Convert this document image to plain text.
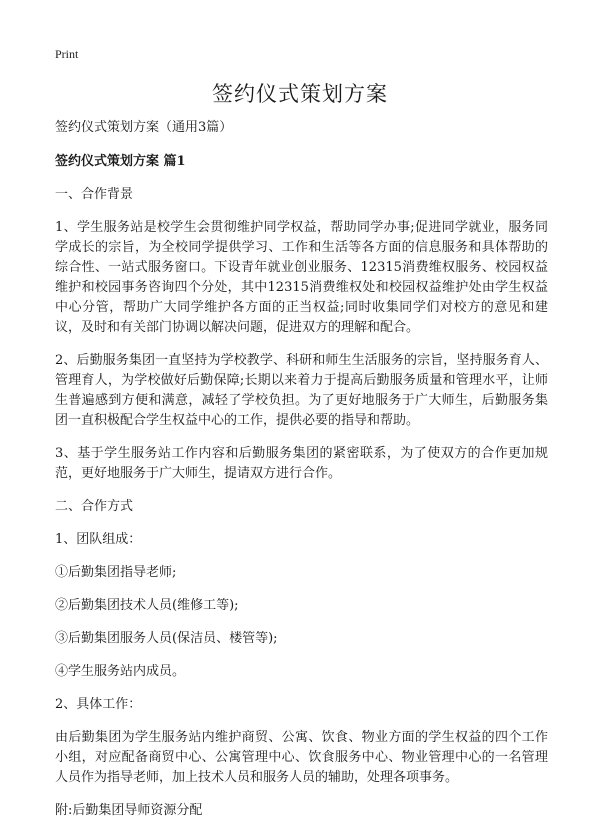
Print
签约仪式策划方案

签约仪式策划方案（通用3篇）

签约仪式策划方案 篇1

一、合作背景

1、学生服务站是校学生会贯彻维护同学权益，帮助同学办事;促进同学就业，服务同学成长的宗旨，为全校同学提供学习、工作和生活等各方面的信息服务和具体帮助的综合性、一站式服务窗口。下设青年就业创业服务、12315消费维权服务、校园权益维护和校园事务咨询四个分处，其中12315消费维权处和校园权益维护处由学生权益中心分管，帮助广大同学维护各方面的正当权益;同时收集同学们对校方的意见和建议，及时和有关部门协调以解决问题，促进双方的理解和配合。

2、后勤服务集团一直坚持为学校教学、科研和师生生活服务的宗旨，坚持服务育人、管理育人，为学校做好后勤保障;长期以来着力于提高后勤服务质量和管理水平，让师生普遍感到方便和满意，减轻了学校负担。为了更好地服务于广大师生，后勤服务集团一直积极配合学生权益中心的工作，提供必要的指导和帮助。

3、基于学生服务站工作内容和后勤服务集团的紧密联系，为了使双方的合作更加规范，更好地服务于广大师生，提请双方进行合作。

二、合作方式

1、团队组成：

①后勤集团指导老师;

②后勤集团技术人员(维修工等);

③后勤集团服务人员(保洁员、楼管等);

④学生服务站内成员。

2、具体工作：

由后勤集团为学生服务站内维护商贸、公寓、饮食、物业方面的学生权益的四个工作小组，对应配备商贸中心、公寓管理中心、饮食服务中心、物业管理中心的一名管理人员作为指导老师，加上技术人员和服务人员的辅助，处理各项事务。

附:后勤集团导师资源分配
